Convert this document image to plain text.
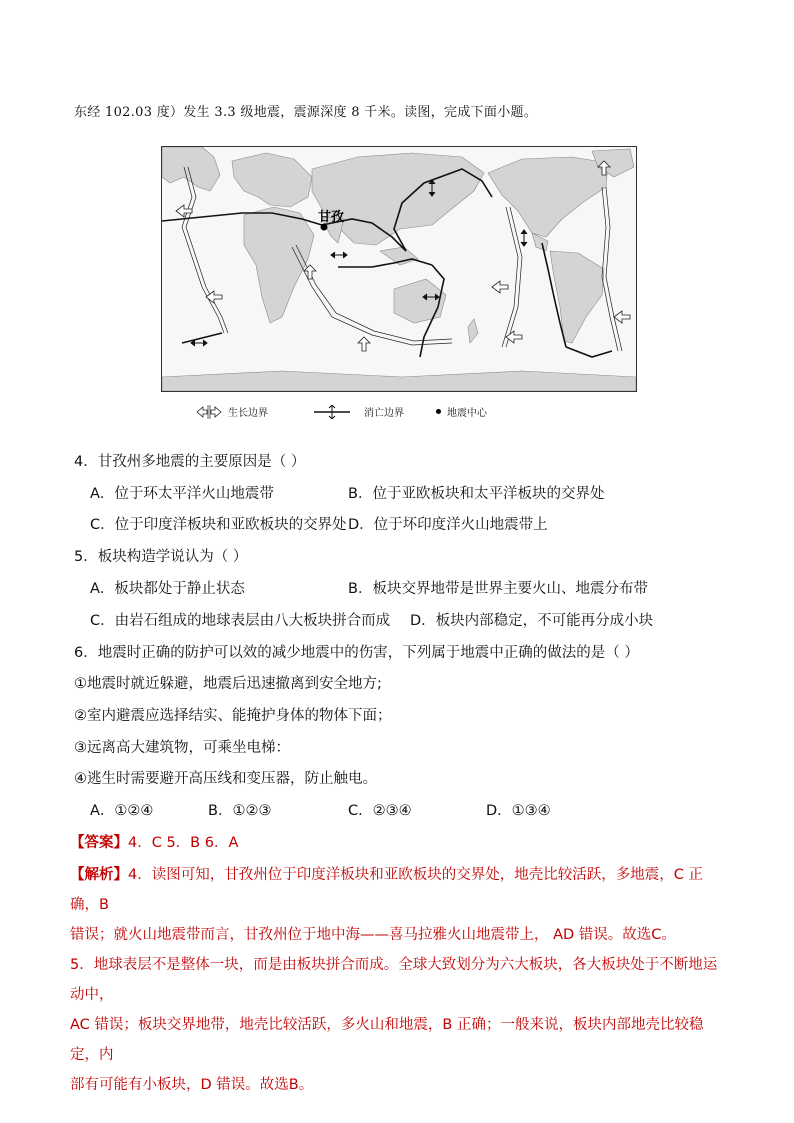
东经 102.03 度）发生 3.3 级地震，震源深度 8 千米。读图，完成下面小题。
甘孜
生长边界	消亡边界	地震中心
4．甘孜州多地震的主要原因是（ ）
A．位于环太平洋火山地震带	B．位于亚欧板块和太平洋板块的交界处
C．位于印度洋板块和亚欧板块的交界处 D．位于坏印度洋火山地震带上
5．板块构造学说认为（ ）
A．板块都处于静止状态	B．板块交界地带是世界主要火山、地震分布带
C．由岩石组成的地球表层由八大板块拼合而成 D．板块内部稳定，不可能再分成小块
6．地震时正确的防护可以效的减少地震中的伤害，下列属于地震中正确的做法的是（ ）
①地震时就近躲避，地震后迅速撤离到安全地方;
②室内避震应选择结实、能掩护身体的物体下面；
③远离高大建筑物，可乘坐电梯：
④逃生时需要避开高压线和变压器，防止触电。
A．①②④	B．①②③	C．②③④	D．①③④
【答案】4．C 5．B 6．A
【解析】4．读图可知，甘孜州位于印度洋板块和亚欧板块的交界处，地壳比较活跃，多地震，C 正确，B
错误；就火山地震带而言，甘孜州位于地中海——喜马拉雅火山地震带上， AD 错误。故选C。
5．地球表层不是整体一块，而是由板块拼合而成。全球大致划分为六大板块，各大板块处于不断地运动中，
AC 错误；板块交界地带，地壳比较活跃，多火山和地震，B 正确；一般来说，板块内部地壳比较稳定，内
部有可能有小板块，D 错误。故选B。
